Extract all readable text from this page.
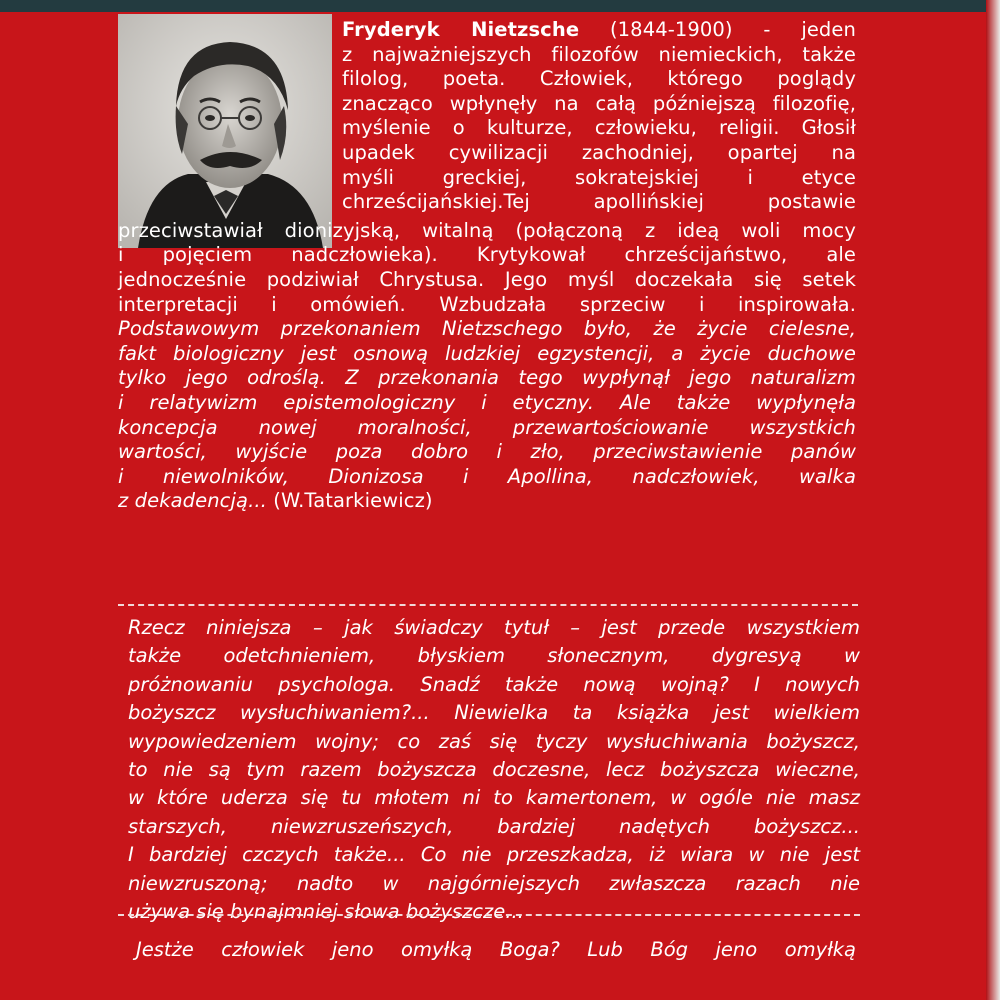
Fryderyk Nietzsche (1844-1900) - jeden
z najważniejszych filozofów niemieckich, także
filolog, poeta. Człowiek, którego poglądy
znacząco wpłynęły na całą późniejszą filozofię,
myślenie o kulturze, człowieku, religii. Głosił
upadek cywilizacji zachodniej, opartej na
myśli greckiej, sokratejskiej i etyce
chrześcijańskiej.Tej apollińskiej postawie
przeciwstawiał dionizyjską, witalną (połączoną z ideą woli mocy
i pojęciem nadczłowieka). Krytykował chrześcijaństwo, ale
jednocześnie podziwiał Chrystusa. Jego myśl doczekała się setek
interpretacji i omówień. Wzbudzała sprzeciw i inspirowała.
Podstawowym przekonaniem Nietzschego było, że życie cielesne,
fakt biologiczny jest osnową ludzkiej egzystencji, a życie duchowe
tylko jego odroślą. Z przekonania tego wypłynął jego naturalizm
i relatywizm epistemologiczny i etyczny. Ale także wypłynęła
koncepcja nowej moralności, przewartościowanie wszystkich
wartości, wyjście poza dobro i zło, przeciwstawienie panów
i niewolników, Dionizosa i Apollina, nadczłowiek, walka
z dekadencją... (W.Tatarkiewicz)
Rzecz niniejsza – jak świadczy tytuł – jest przede wszystkiem
także odetchnieniem, błyskiem słonecznym, dygresyą w
próżnowaniu psychologa. Snadź także nową wojną? I nowych
bożyszcz wysłuchiwaniem?... Niewielka ta książka jest wielkiem
wypowiedzeniem wojny; co zaś się tyczy wysłuchiwania bożyszcz,
to nie są tym razem bożyszcza doczesne, lecz bożyszcza wieczne,
w które uderza się tu młotem ni to kamertonem, w ogóle nie masz
starszych, niewzruszeńszych, bardziej nadętych bożyszcz...
I bardziej czczych także... Co nie przeszkadza, iż wiara w nie jest
niewzruszoną; nadto w najgórniejszych zwłaszcza razach nie
używa się bynajmniej słowa bożyszcze...
Jestże człowiek jeno omyłką Boga? Lub Bóg jeno omyłką
